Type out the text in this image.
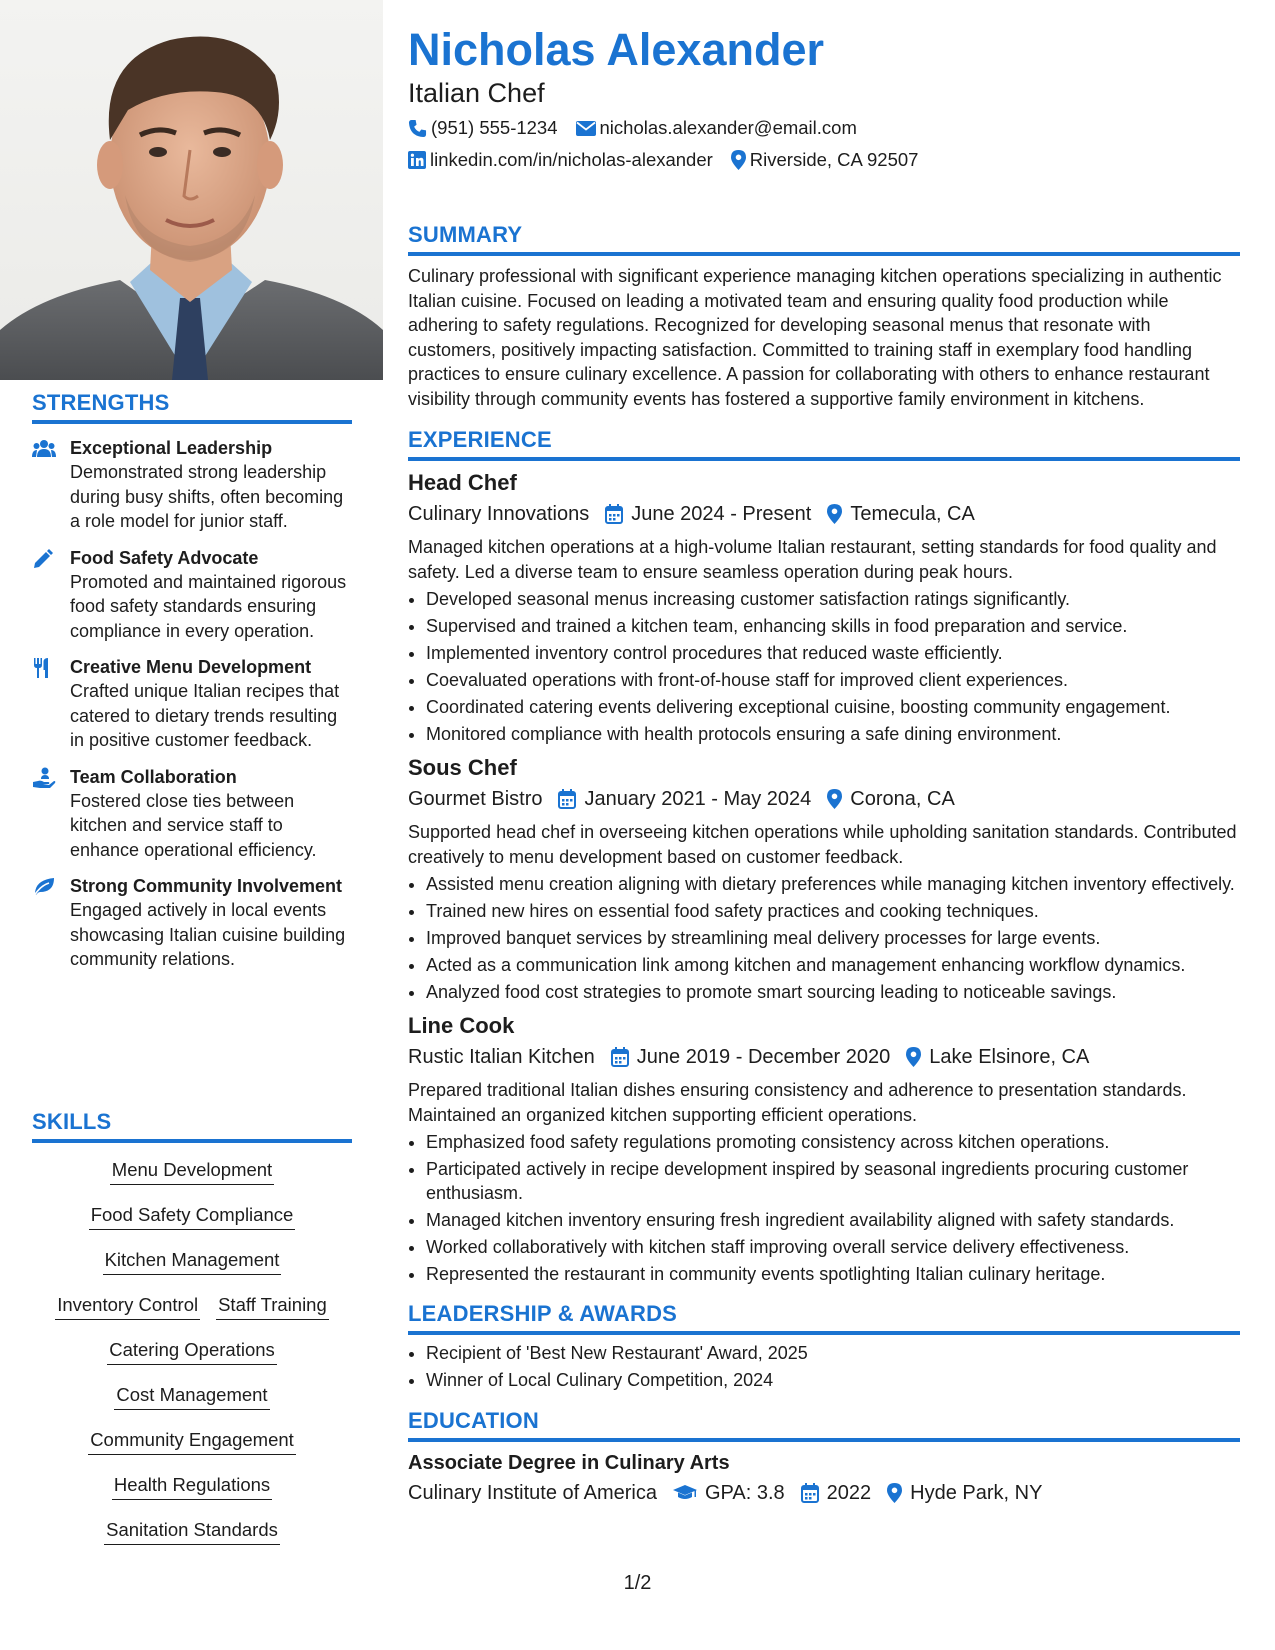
STRENGTHS
Exceptional Leadership
Demonstrated strong leadership during busy shifts, often becoming a role model for junior staff.
Food Safety Advocate
Promoted and maintained rigorous food safety standards ensuring compliance in every operation.
Creative Menu Development
Crafted unique Italian recipes that catered to dietary trends resulting in positive customer feedback.
Team Collaboration
Fostered close ties between kitchen and service staff to enhance operational efficiency.
Strong Community Involvement
Engaged actively in local events showcasing Italian cuisine building community relations.
SKILLS
Menu Development
Food Safety Compliance
Kitchen Management
Inventory Control Staff Training
Catering Operations
Cost Management
Community Engagement
Health Regulations
Sanitation Standards
Nicholas Alexander
Italian Chef
(951) 555-1234 nicholas.alexander@email.com
linkedin.com/in/nicholas-alexander Riverside, CA 92507
SUMMARY
Culinary professional with significant experience managing kitchen operations specializing in authentic Italian cuisine. Focused on leading a motivated team and ensuring quality food production while adhering to safety regulations. Recognized for developing seasonal menus that resonate with customers, positively impacting satisfaction. Committed to training staff in exemplary food handling practices to ensure culinary excellence. A passion for collaborating with others to enhance restaurant visibility through community events has fostered a supportive family environment in kitchens.
EXPERIENCE
Head Chef
Culinary Innovations June 2024 - Present Temecula, CA
Managed kitchen operations at a high-volume Italian restaurant, setting standards for food quality and safety. Led a diverse team to ensure seamless operation during peak hours.
• Developed seasonal menus increasing customer satisfaction ratings significantly.
• Supervised and trained a kitchen team, enhancing skills in food preparation and service.
• Implemented inventory control procedures that reduced waste efficiently.
• Coevaluated operations with front-of-house staff for improved client experiences.
• Coordinated catering events delivering exceptional cuisine, boosting community engagement.
• Monitored compliance with health protocols ensuring a safe dining environment.
Sous Chef
Gourmet Bistro January 2021 - May 2024 Corona, CA
Supported head chef in overseeing kitchen operations while upholding sanitation standards. Contributed creatively to menu development based on customer feedback.
• Assisted menu creation aligning with dietary preferences while managing kitchen inventory effectively.
• Trained new hires on essential food safety practices and cooking techniques.
• Improved banquet services by streamlining meal delivery processes for large events.
• Acted as a communication link among kitchen and management enhancing workflow dynamics.
• Analyzed food cost strategies to promote smart sourcing leading to noticeable savings.
Line Cook
Rustic Italian Kitchen June 2019 - December 2020 Lake Elsinore, CA
Prepared traditional Italian dishes ensuring consistency and adherence to presentation standards. Maintained an organized kitchen supporting efficient operations.
• Emphasized food safety regulations promoting consistency across kitchen operations.
• Participated actively in recipe development inspired by seasonal ingredients procuring customer enthusiasm.
• Managed kitchen inventory ensuring fresh ingredient availability aligned with safety standards.
• Worked collaboratively with kitchen staff improving overall service delivery effectiveness.
• Represented the restaurant in community events spotlighting Italian culinary heritage.
LEADERSHIP & AWARDS
• Recipient of 'Best New Restaurant' Award, 2025
• Winner of Local Culinary Competition, 2024
EDUCATION
Associate Degree in Culinary Arts
Culinary Institute of America GPA: 3.8 2022 Hyde Park, NY
1/2
